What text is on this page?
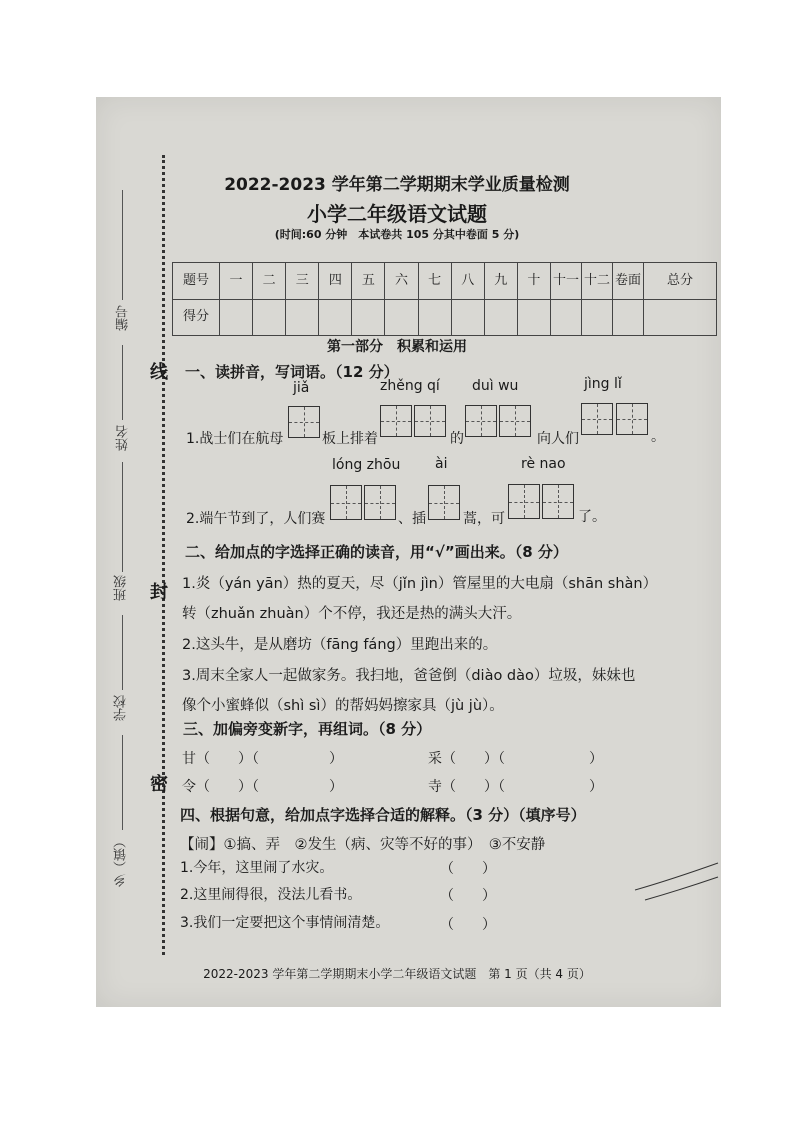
编号
姓名
班级
学校
乡（镇）
线
封
密
2022-2023 学年第二学期期末学业质量检测
小学二年级语文试题
(时间:60 分钟　本试卷共 105 分其中卷面 5 分)
题号	一	二	三	四	五	六	七	八	九	十	十一	十二	卷面	总分
得分														
第一部分　积累和运用
一、读拼音，写词语。（12 分）
jiǎ	zhěng qí duì wu	jìng lǐ
1.战士们在航母	板上排着	的	向人们	。
lóng zhōu ài	rè nao
2.端午节到了，人们赛	、插	蒿，可	了。
二、给加点的字选择正确的读音，用“√”画出来。（8 分）
1.炎（yán yān）热的夏天，尽（jǐn jìn）管屋里的大电扇（shān shàn）
转（zhuǎn zhuàn）个不停，我还是热的满头大汗。
2.这头牛，是从磨坊（fāng fáng）里跑出来的。
3.周末全家人一起做家务。我扫地，爸爸倒（diào dào）垃圾，妹妹也
像个小蜜蜂似（shì sì）的帮妈妈擦家具（jù jù）。
三、加偏旁变新字，再组词。（8 分）
甘（　　）（　　　　　）	采（　　）（　　　　　　）
令（　　）（　　　　　）	寺（　　）（　　　　　　）
四、根据句意，给加点字选择合适的解释。（3 分）（填序号）
【闹】①搞、弄　②发生（病、灾等不好的事）　③不安静
1.今年，这里闹了水灾。	（　　）
2.这里闹得很，没法儿看书。	（　　）
3.我们一定要把这个事情闹清楚。	（　　）
2022-2023 学年第二学期期末小学二年级语文试题　第 1 页（共 4 页）
